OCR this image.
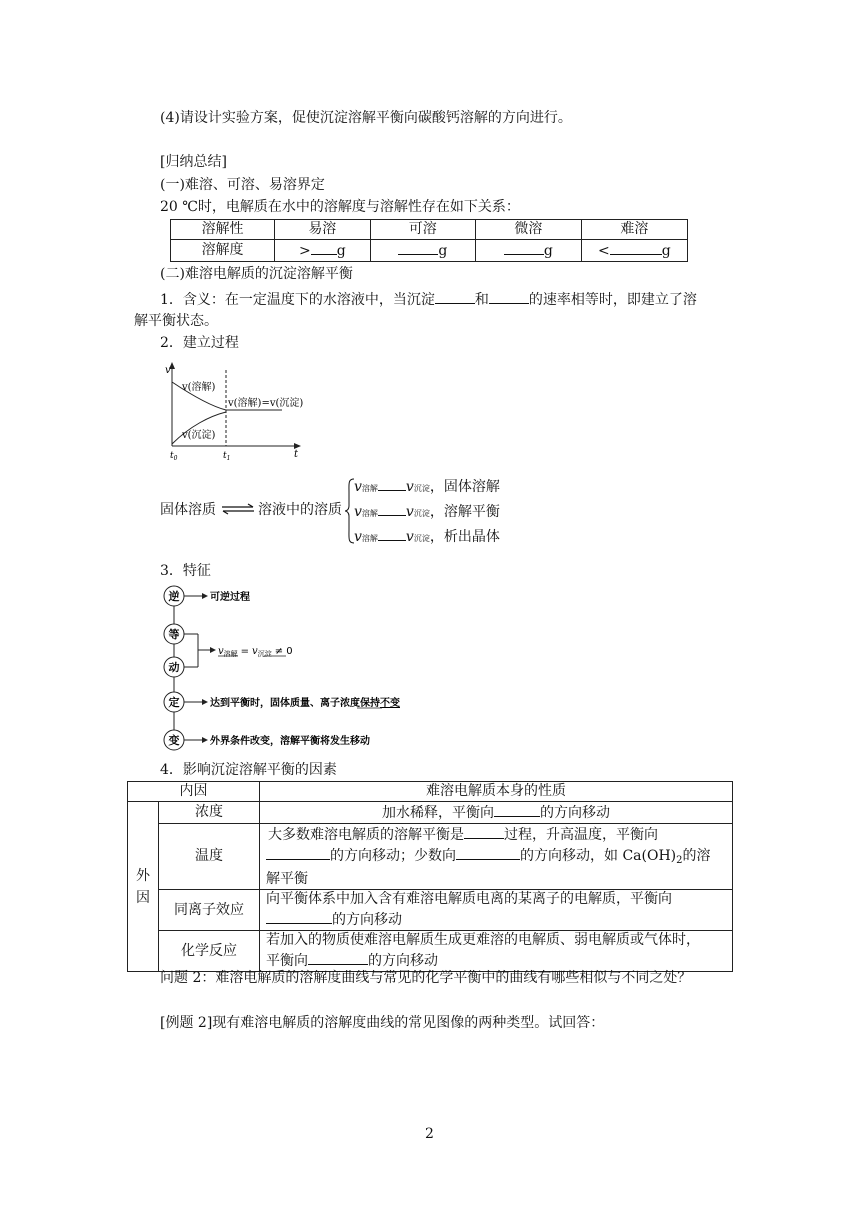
(4)请设计实验方案，促使沉淀溶解平衡向碳酸钙溶解的方向进行。
[归纳总结]
(一)难溶、可溶、易溶界定
20 ℃时，电解质在水中的溶解度与溶解性存在如下关系：
溶解性	易溶	可溶	微溶	难溶
溶解度	> g	g	g	< g
(二)难溶电解质的沉淀溶解平衡
1．含义：在一定温度下的水溶液中，当沉淀	和	的速率相等时，即建立了溶
解平衡状态。
2．建立过程
v
t
$t_0$	$t_1$
v(溶解)
v(沉淀)
v(溶解)=v(沉淀)
固体溶质 ⇌ 溶液中的溶质
v溶解 v沉淀，固体溶解
v溶解 v沉淀，溶解平衡
v溶解 v沉淀，析出晶体
3．特征
逆
等
动
定
变
可逆过程
$v_{溶解} = v_{沉淀} \ne 0$
达到平衡时，固体质量、离子浓度保持不变
外界条件改变，溶解平衡将发生移动
4．影响沉淀溶解平衡的因素
内因		难溶电解质本身的性质
外
因	浓度	加水稀释，平衡向 的方向移动
	温度	大多数难溶电解质的溶解平衡是 过程，升高温度，平衡向
的方向移动；少数向 的方向移动，如 $Ca(OH)_2$的溶
解平衡

	同离子效应	向平衡体系中加入含有难溶电解质电离的某离子的电解质，平衡向
的方向移动

	化学反应	若加入的物质使难溶电解质生成更难溶的电解质、弱电解质或气体时，
平衡向 的方向移动
问题 2：难溶电解质的溶解度曲线与常见的化学平衡中的曲线有哪些相似与不同之处？
[例题 2]现有难溶电解质的溶解度曲线的常见图像的两种类型。试回答：
2
